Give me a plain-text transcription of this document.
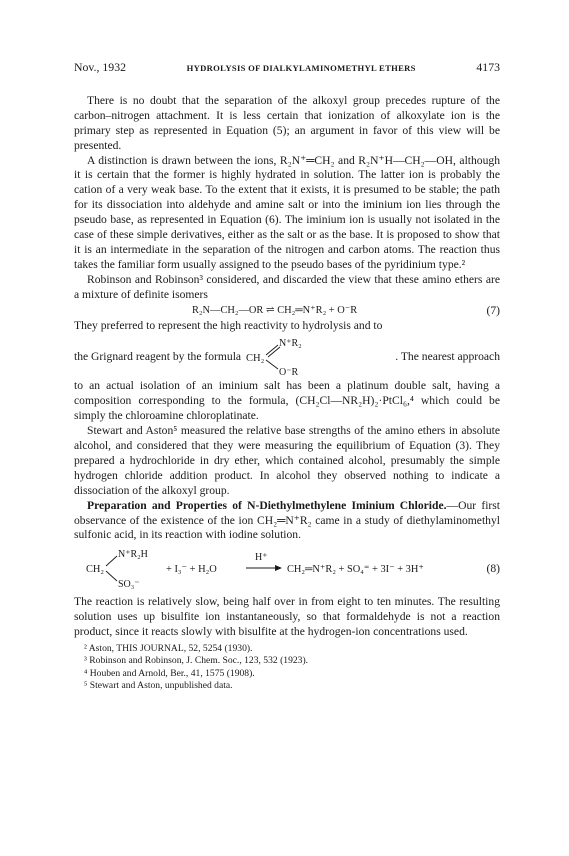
Nov., 1932	HYDROLYSIS OF DIALKYLAMINOMETHYL ETHERS	4173

There is no doubt that the separation of the alkoxyl group precedes rupture of the carbon–nitrogen attachment. It is less certain that ionization of alkoxylate ion is the primary step as represented in Equation (5); an argument in favor of this view will be presented.

A distinction is drawn between the ions, R₂N⁺═CH₂ and R₂N⁺H—CH₂—OH, although it is certain that the former is highly hydrated in solution. The latter ion is probably the cation of a very weak base. To the extent that it exists, it is presumed to be stable; the path for its dissociation into aldehyde and amine salt or into the iminium ion lies through the pseudo base, as represented in Equation (6). The iminium ion is usually not isolated in the case of these simple derivatives, either as the salt or as the base. It is proposed to show that it is an intermediate in the separation of the nitrogen and carbon atoms. The reaction thus takes the familiar form usually assigned to the pseudo bases of the pyridinium type.²

Robinson and Robinson³ considered, and discarded the view that these amino ethers are a mixture of definite isomers

R₂N—CH₂—OR ⇌ CH₂═N⁺R₂ + O⁻R	(7)

They preferred to represent the high reactivity to hydrolysis and to

the Grignard reagent by the formula CH₂
N⁺R₂
O⁻R
. The nearest approach

to an actual isolation of an iminium salt has been a platinum double salt, having a composition corresponding to the formula, (CH₂Cl—NR₂H)₂·PtCl₆,⁴ which could be simply the chloroamine chloroplatinate.

Stewart and Aston⁵ measured the relative base strengths of the amino ethers in absolute alcohol, and considered that they were measuring the equilibrium of Equation (3). They prepared a hydrochloride in dry ether, which contained alcohol, presumably the simple hydrogen chloride addition product. In alcohol they observed nothing to indicate a dissociation of the alkoxyl group.

Preparation and Properties of N-Diethylmethylene Iminium Chloride.—Our first observance of the existence of the ion CH₂═N⁺R₂ came in a study of diethylaminomethyl sulfonic acid, in its reaction with iodine solution.

CH₂
N⁺R₂H
SO₃⁻
+ I₃⁻ + H₂O
H⁺
CH₂═N⁺R₂ + SO₄⁼ + 3I⁻ + 3H⁺	(8)

The reaction is relatively slow, being half over in from eight to ten minutes. The resulting solution uses up bisulfite ion instantaneously, so that formaldehyde is not a reaction product, since it reacts slowly with bisulfite at the hydrogen-ion concentrations used.

² Aston, THIS JOURNAL, 52, 5254 (1930).
³ Robinson and Robinson, J. Chem. Soc., 123, 532 (1923).
⁴ Houben and Arnold, Ber., 41, 1575 (1908).
⁵ Stewart and Aston, unpublished data.
